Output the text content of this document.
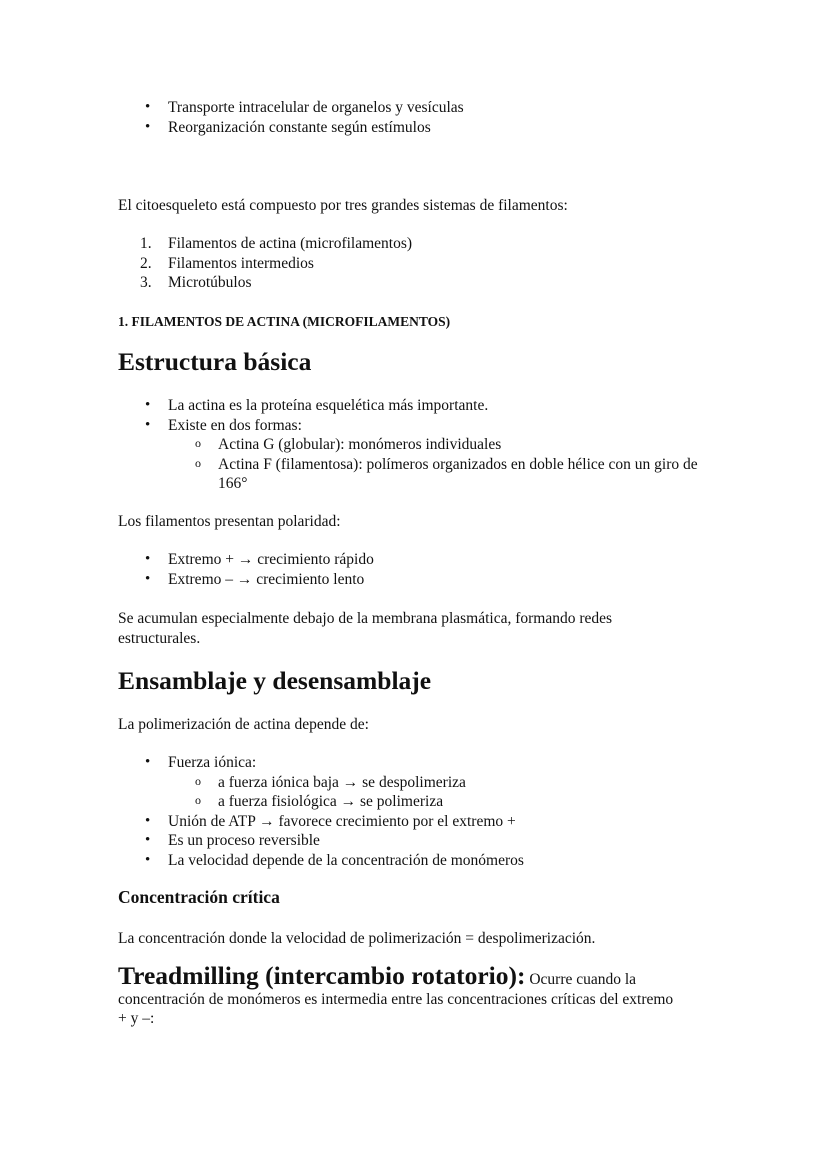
• Transporte intracelular de organelos y vesículas
• Reorganización constante según estímulos

El citoesqueleto está compuesto por tres grandes sistemas de filamentos:

1. Filamentos de actina (microfilamentos)
2. Filamentos intermedios
3. Microtúbulos
1. FILAMENTOS DE ACTINA (MICROFILAMENTOS)
Estructura básica
• La actina es la proteína esquelética más importante.
• Existe en dos formas:
o Actina G (globular): monómeros individuales
o Actina F (filamentosa): polímeros organizados en doble hélice con un giro de 166°

Los filamentos presentan polaridad:

• Extremo + → crecimiento rápido
• Extremo – → crecimiento lento

Se acumulan especialmente debajo de la membrana plasmática, formando redes estructurales.

Ensamblaje y desensamblaje

La polimerización de actina depende de:

• Fuerza iónica:
o a fuerza iónica baja → se despolimeriza
o a fuerza fisiológica → se polimeriza
• Unión de ATP → favorece crecimiento por el extremo +
• Es un proceso reversible
• La velocidad depende de la concentración de monómeros
Concentración crítica

La concentración donde la velocidad de polimerización = despolimerización.

Treadmilling (intercambio rotatorio): Ocurre cuando la concentración de monómeros es intermedia entre las concentraciones críticas del extremo + y –:
